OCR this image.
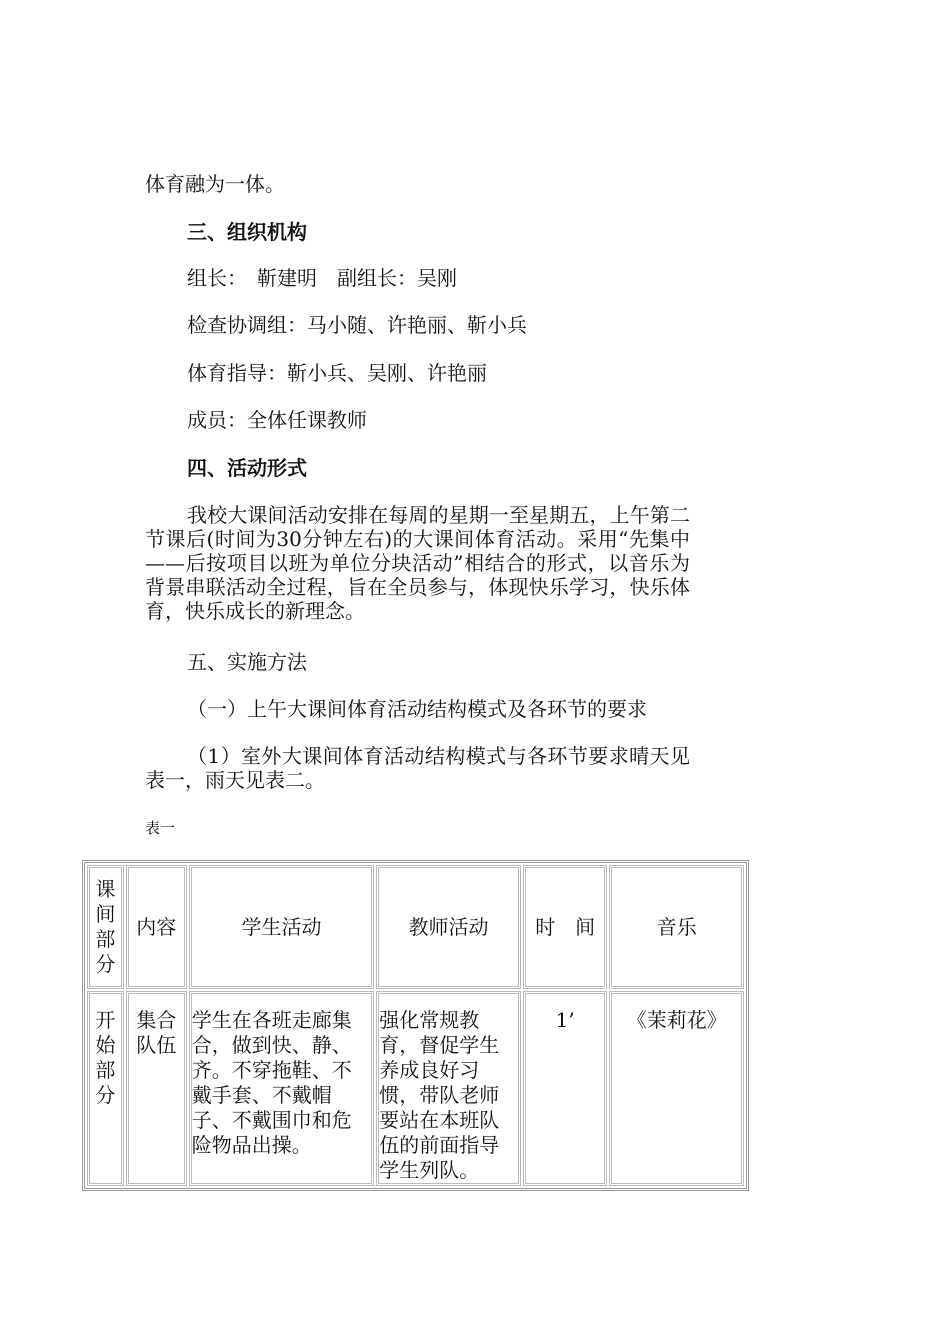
体育融为一体。

三、组织机构

组长：　靳建明　副组长：吴刚

检查协调组：马小随、许艳丽、靳小兵

体育指导：靳小兵、吴刚、许艳丽

成员：全体任课教师

四、活动形式

我校大课间活动安排在每周的星期一至星期五，上午第二节课后(时间为30分钟左右)的大课间体育活动。采用“先集中——后按项目以班为单位分块活动”相结合的形式，以音乐为背景串联活动全过程，旨在全员参与，体现快乐学习，快乐体育，快乐成长的新理念。

五、实施方法

（一）上午大课间体育活动结构模式及各环节的要求

（1）室外大课间体育活动结构模式与各环节要求晴天见表一，雨天见表二。

表一

课间部分	内容	学生活动	教师活动	时　间	音乐
开始部分	集合队伍	学生在各班走廊集合，做到快、静、齐。不穿拖鞋、不戴手套、不戴帽子、不戴围巾和危险物品出操。	强化常规教育，督促学生养成良好习惯，带队老师要站在本班队伍的前面指导学生列队。	1’	《茉莉花》
